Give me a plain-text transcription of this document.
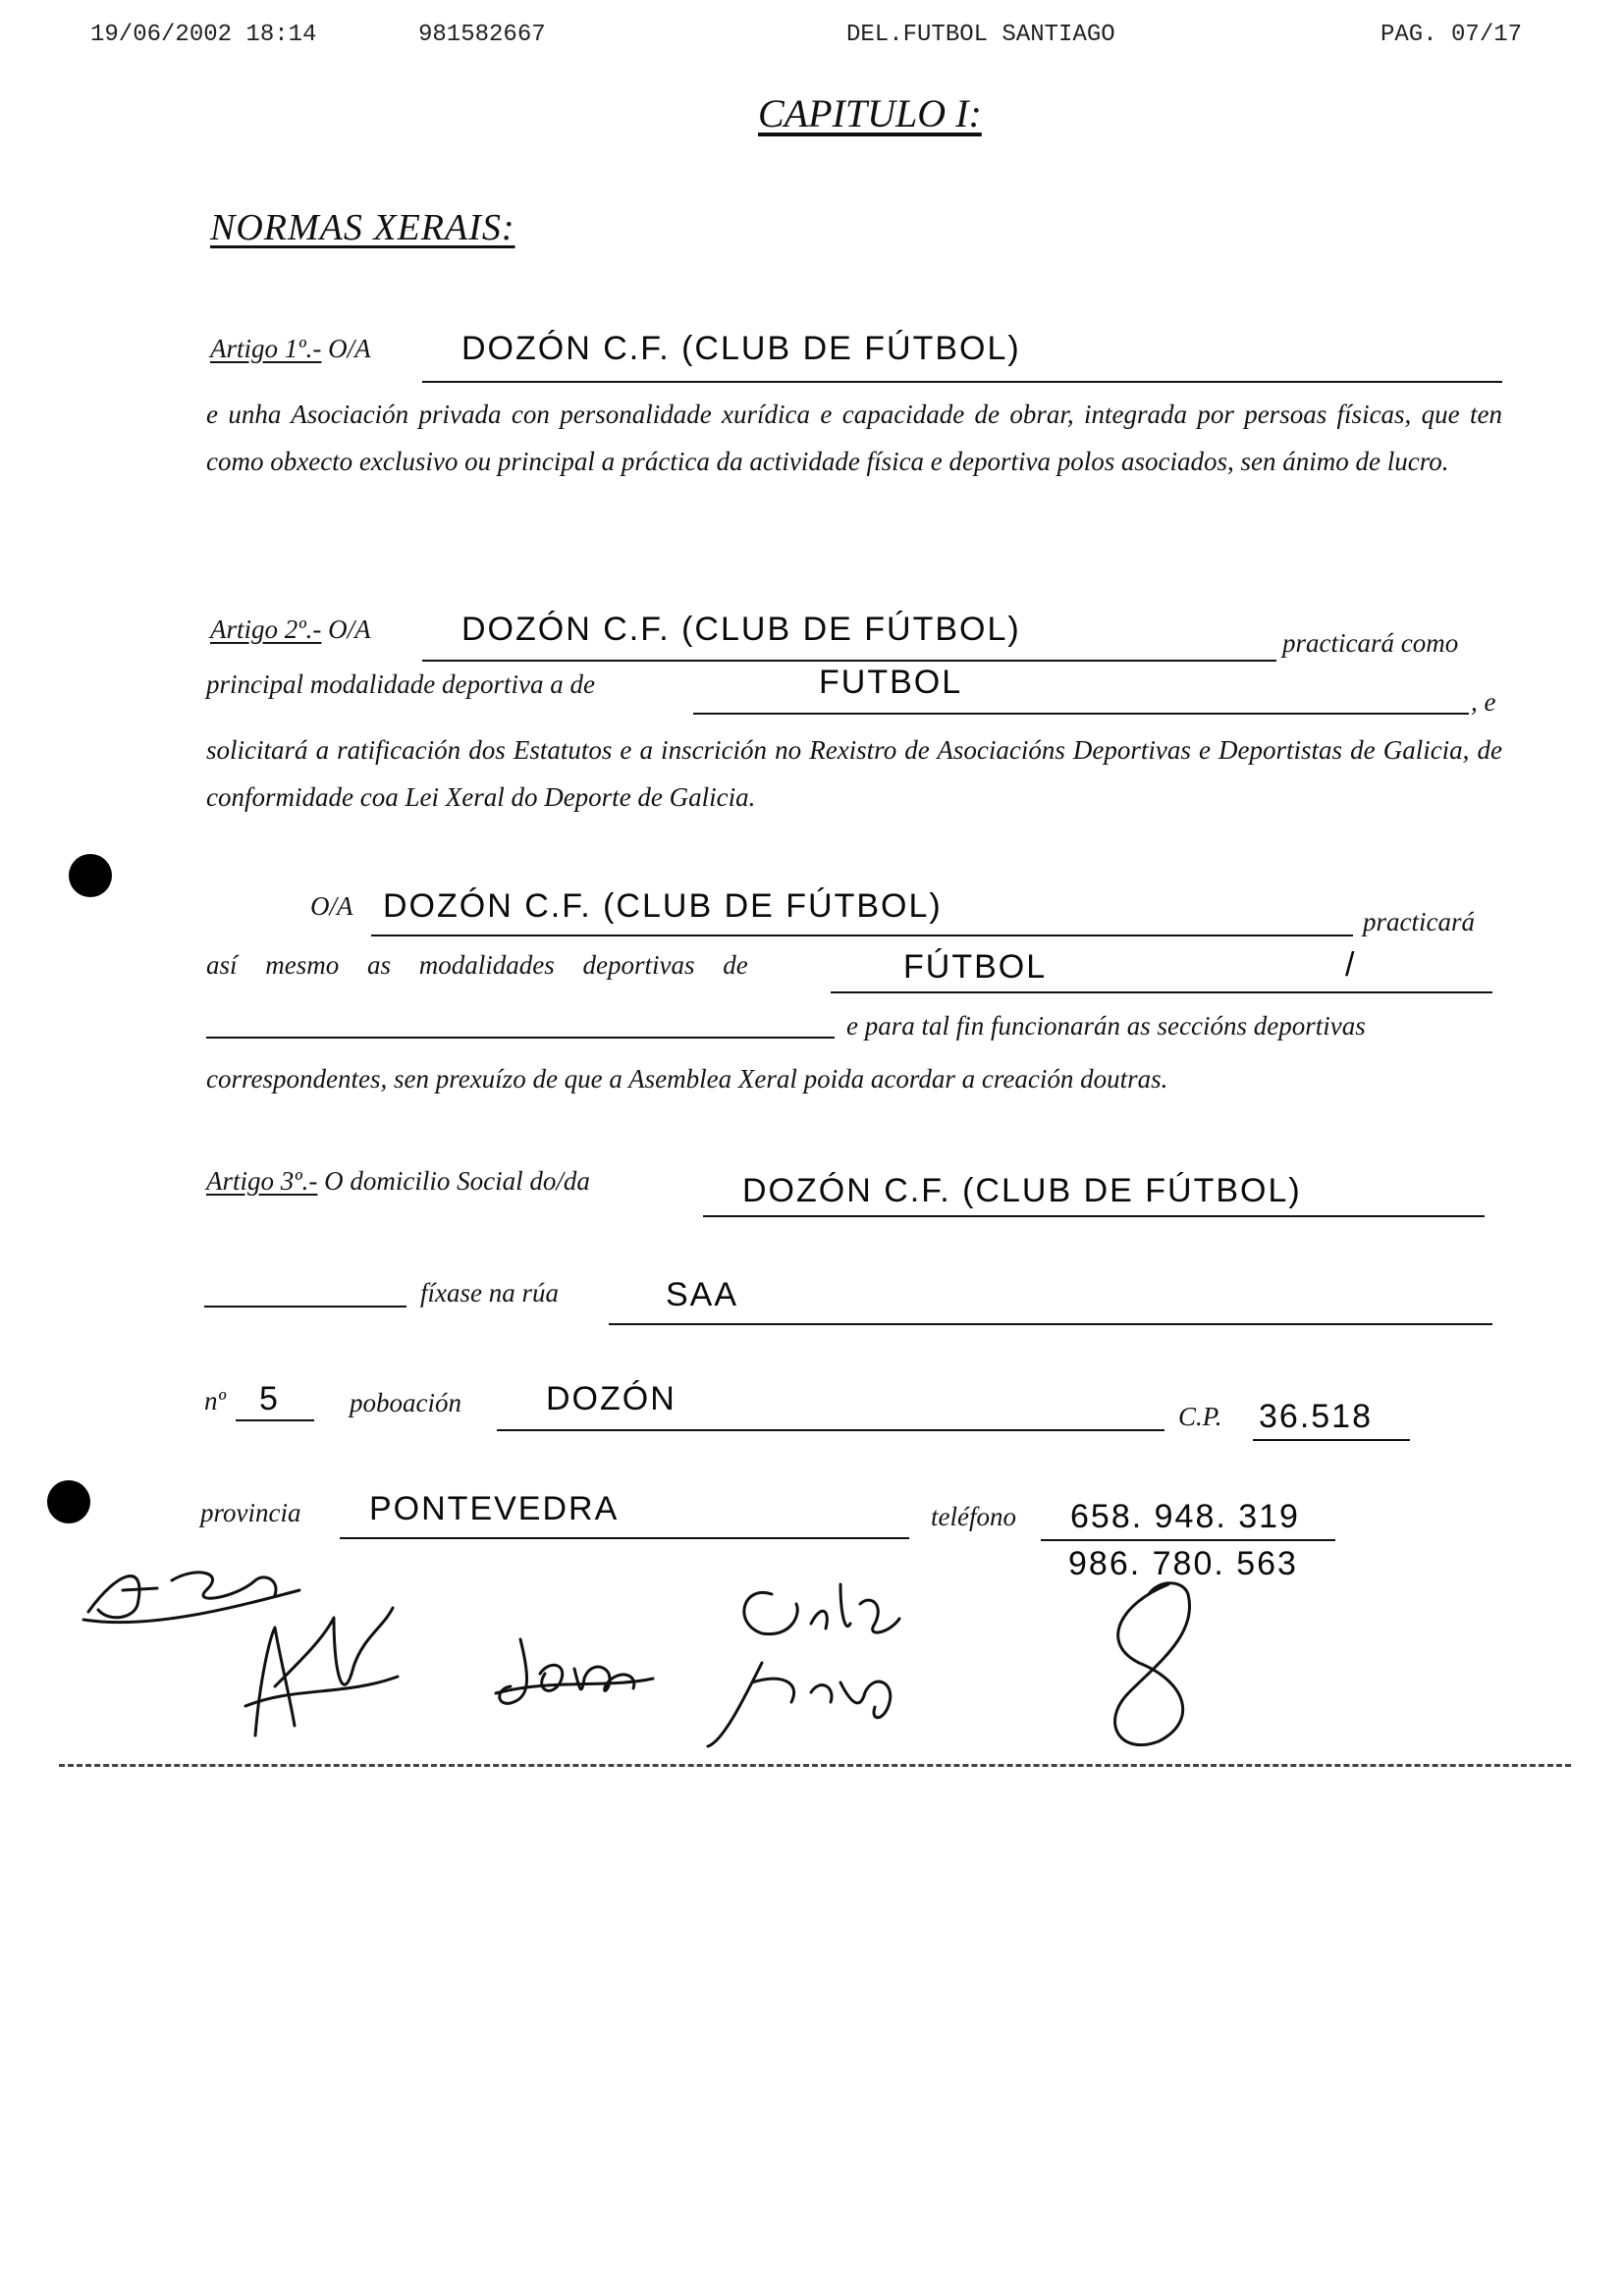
19/06/2002 18:14	981582667	DEL.FUTBOL SANTIAGO	PAG. 07/17
CAPITULO I:
NORMAS XERAIS:
Artigo 1º.- O/A	DOZÓN C.F. (CLUB DE FÚTBOL)
e unha Asociación privada con personalidade xurídica e capacidade de obrar, integrada por persoas físicas, que ten como obxecto exclusivo ou principal a práctica da actividade física e deportiva polos asociados, sen ánimo de lucro.
Artigo 2º.- O/A	DOZÓN C.F. (CLUB DE FÚTBOL)	practicará como
principal modalidade deportiva a de	FUTBOL
, e
solicitará a ratificación dos Estatutos e a inscrición no Rexistro de Asociacións Deportivas e Deportistas de Galicia, de conformidade coa Lei Xeral do Deporte de Galicia.
O/A DOZÓN C.F. (CLUB DE FÚTBOL)	practicará
así mesmo as modalidades deportivas de	FÚTBOL	/
e para tal fin funcionarán as seccións deportivas
correspondentes, sen prexuízo de que a Asemblea Xeral poida acordar a creación doutras.
Artigo 3º.- O domicilio Social do/da	DOZÓN C.F. (CLUB DE FÚTBOL)
fíxase na rúa	SAA
nº 5	poboación	DOZÓN	C.P. 36.518
provincia PONTEVEDRA	teléfono 658. 948. 319
986. 780. 563
